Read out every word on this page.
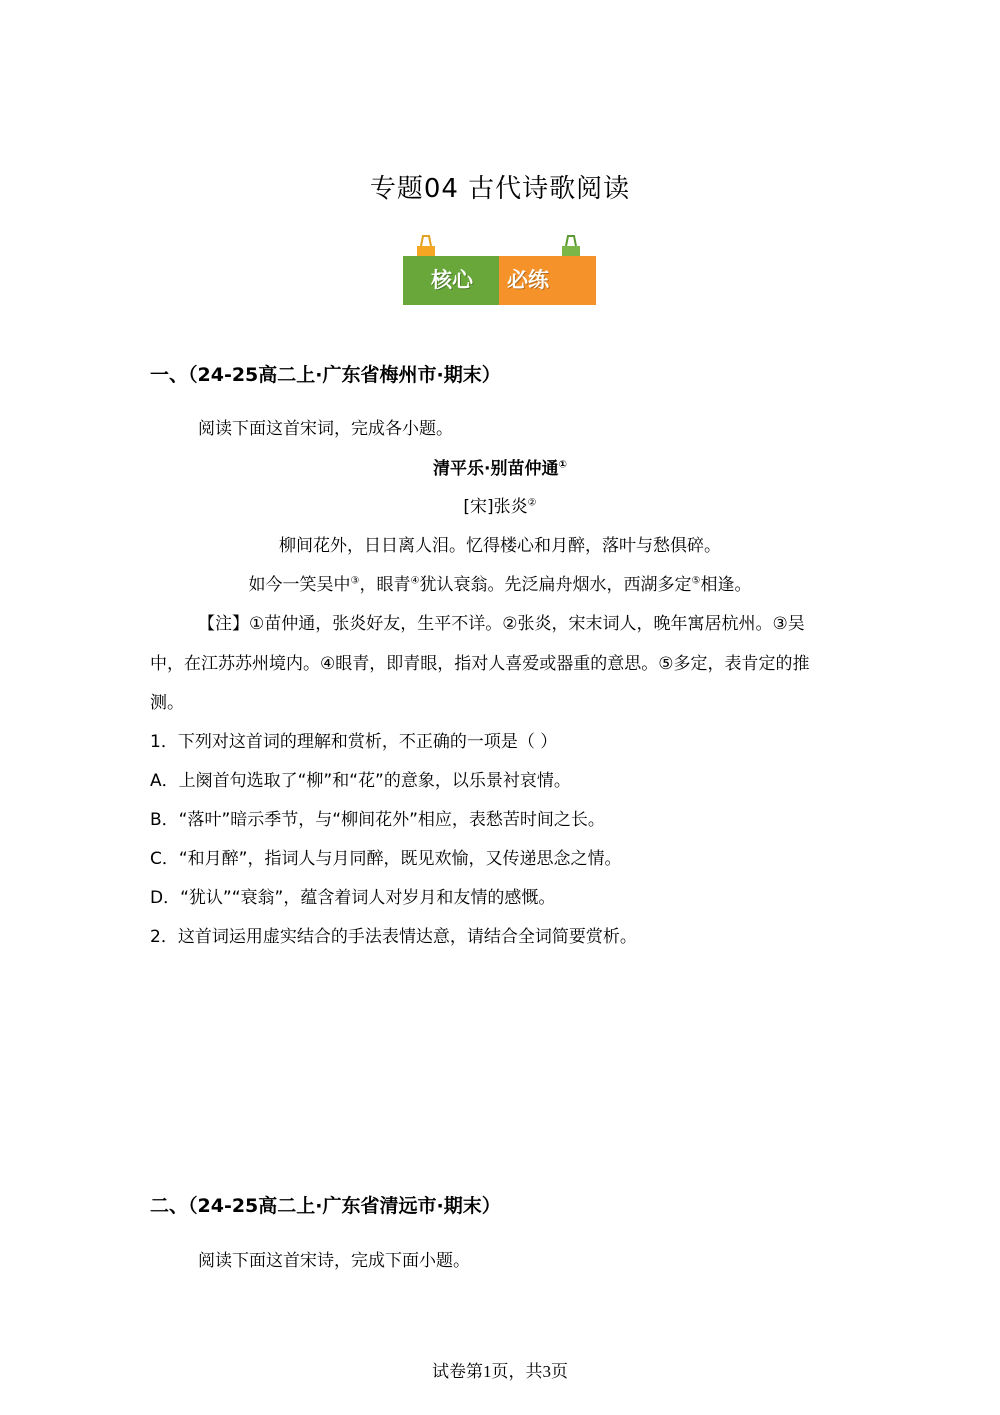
专题04 古代诗歌阅读
核心 必练
一、（24-25高二上·广东省梅州市·期末）
阅读下面这首宋词，完成各小题。
清平乐·别苗仲通①
[宋]张炎②
柳间花外，日日离人泪。忆得楼心和月醉，落叶与愁俱碎。
如今一笑吴中③，眼青④犹认衰翁。先泛扁舟烟水，西湖多定⑤相逢。
【注】①苗仲通，张炎好友，生平不详。②张炎，宋末词人，晚年寓居杭州。③吴
中，在江苏苏州境内。④眼青，即青眼，指对人喜爱或器重的意思。⑤多定，表肯定的推
测。
1．下列对这首词的理解和赏析，不正确的一项是（ ）
A．上阕首句选取了“柳”和“花”的意象，以乐景衬哀情。
B．“落叶”暗示季节，与“柳间花外”相应，表愁苦时间之长。
C．“和月醉”，指词人与月同醉，既见欢愉，又传递思念之情。
D．“犹认”“衰翁”，蕴含着词人对岁月和友情的感慨。
2．这首词运用虚实结合的手法表情达意，请结合全词简要赏析。
二、（24-25高二上·广东省清远市·期末）
阅读下面这首宋诗，完成下面小题。
试卷第1页，共3页
